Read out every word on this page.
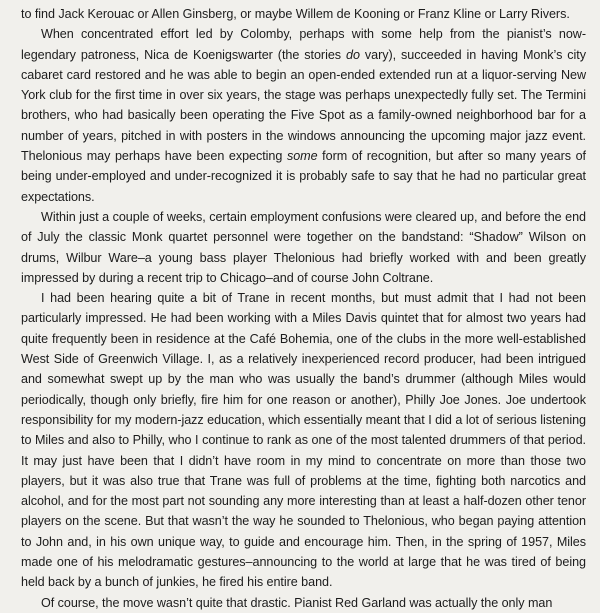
to find Jack Kerouac or Allen Ginsberg, or maybe Willem de Kooning or Franz Kline or Larry Rivers.

When concentrated effort led by Colomby, perhaps with some help from the pianist’s now-legendary patroness, Nica de Koenigswarter (the stories do vary), succeeded in having Monk’s city cabaret card restored and he was able to begin an open-ended extended run at a liquor-serving New York club for the first time in over six years, the stage was perhaps unexpectedly fully set. The Termini brothers, who had basically been operating the Five Spot as a family-owned neighborhood bar for a number of years, pitched in with posters in the windows announcing the upcoming major jazz event. Thelonious may perhaps have been expecting some form of recognition, but after so many years of being under-employed and under-recognized it is probably safe to say that he had no particular great expectations.

Within just a couple of weeks, certain employment confusions were cleared up, and before the end of July the classic Monk quartet personnel were together on the bandstand: “Shadow” Wilson on drums, Wilbur Ware–a young bass player Thelonious had briefly worked with and been greatly impressed by during a recent trip to Chicago–and of course John Coltrane.

I had been hearing quite a bit of Trane in recent months, but must admit that I had not been particularly impressed. He had been working with a Miles Davis quintet that for almost two years had quite frequently been in residence at the Café Bohemia, one of the clubs in the more well-established West Side of Greenwich Village. I, as a relatively inexperienced record producer, had been intrigued and somewhat swept up by the man who was usually the band’s drummer (although Miles would periodically, though only briefly, fire him for one reason or another), Philly Joe Jones. Joe undertook responsibility for my modern-jazz education, which essentially meant that I did a lot of serious listening to Miles and also to Philly, who I continue to rank as one of the most talented drummers of that period. It may just have been that I didn’t have room in my mind to concentrate on more than those two players, but it was also true that Trane was full of problems at the time, fighting both narcotics and alcohol, and for the most part not sounding any more interesting than at least a half-dozen other tenor players on the scene. But that wasn’t the way he sounded to Thelonious, who began paying attention to John and, in his own unique way, to guide and encourage him. Then, in the spring of 1957, Miles made one of his melodramatic gestures–announcing to the world at large that he was tired of being held back by a bunch of junkies, he fired his entire band.

Of course, the move wasn’t quite that drastic. Pianist Red Garland was actually the only man
